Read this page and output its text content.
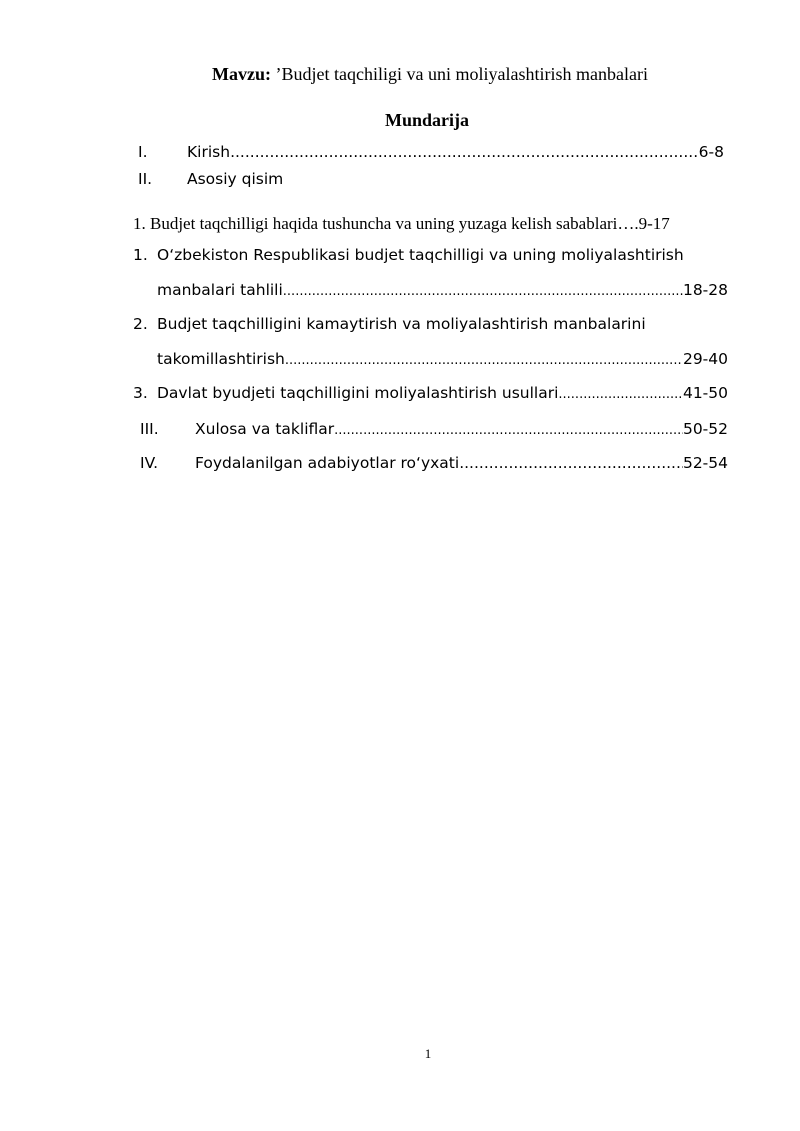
Mavzu: ’Budjet taqchiligi va uni moliyalashtirish manbalari
Mundarija
I.	Kirish .....	6-8
II.	Asosiy qisim
1. Budjet taqchilligi haqida tushuncha va uning yuzaga kelish sabablari …. 9-17
1. O‘zbekiston Respublikasi budjet taqchilligi va uning moliyalashtirish
manbalari tahlili .....	18-28
2. Budjet taqchilligini kamaytirish va moliyalashtirish manbalarini
takomillashtirish .....	29-40
3. Davlat byudjeti taqchilligini moliyalashtirish usullari .....	41-50
III.	Xulosa va takliflar .....	50-52
IV.	Foydalanilgan adabiyotlar ro‘yxati .....	52-54
1
